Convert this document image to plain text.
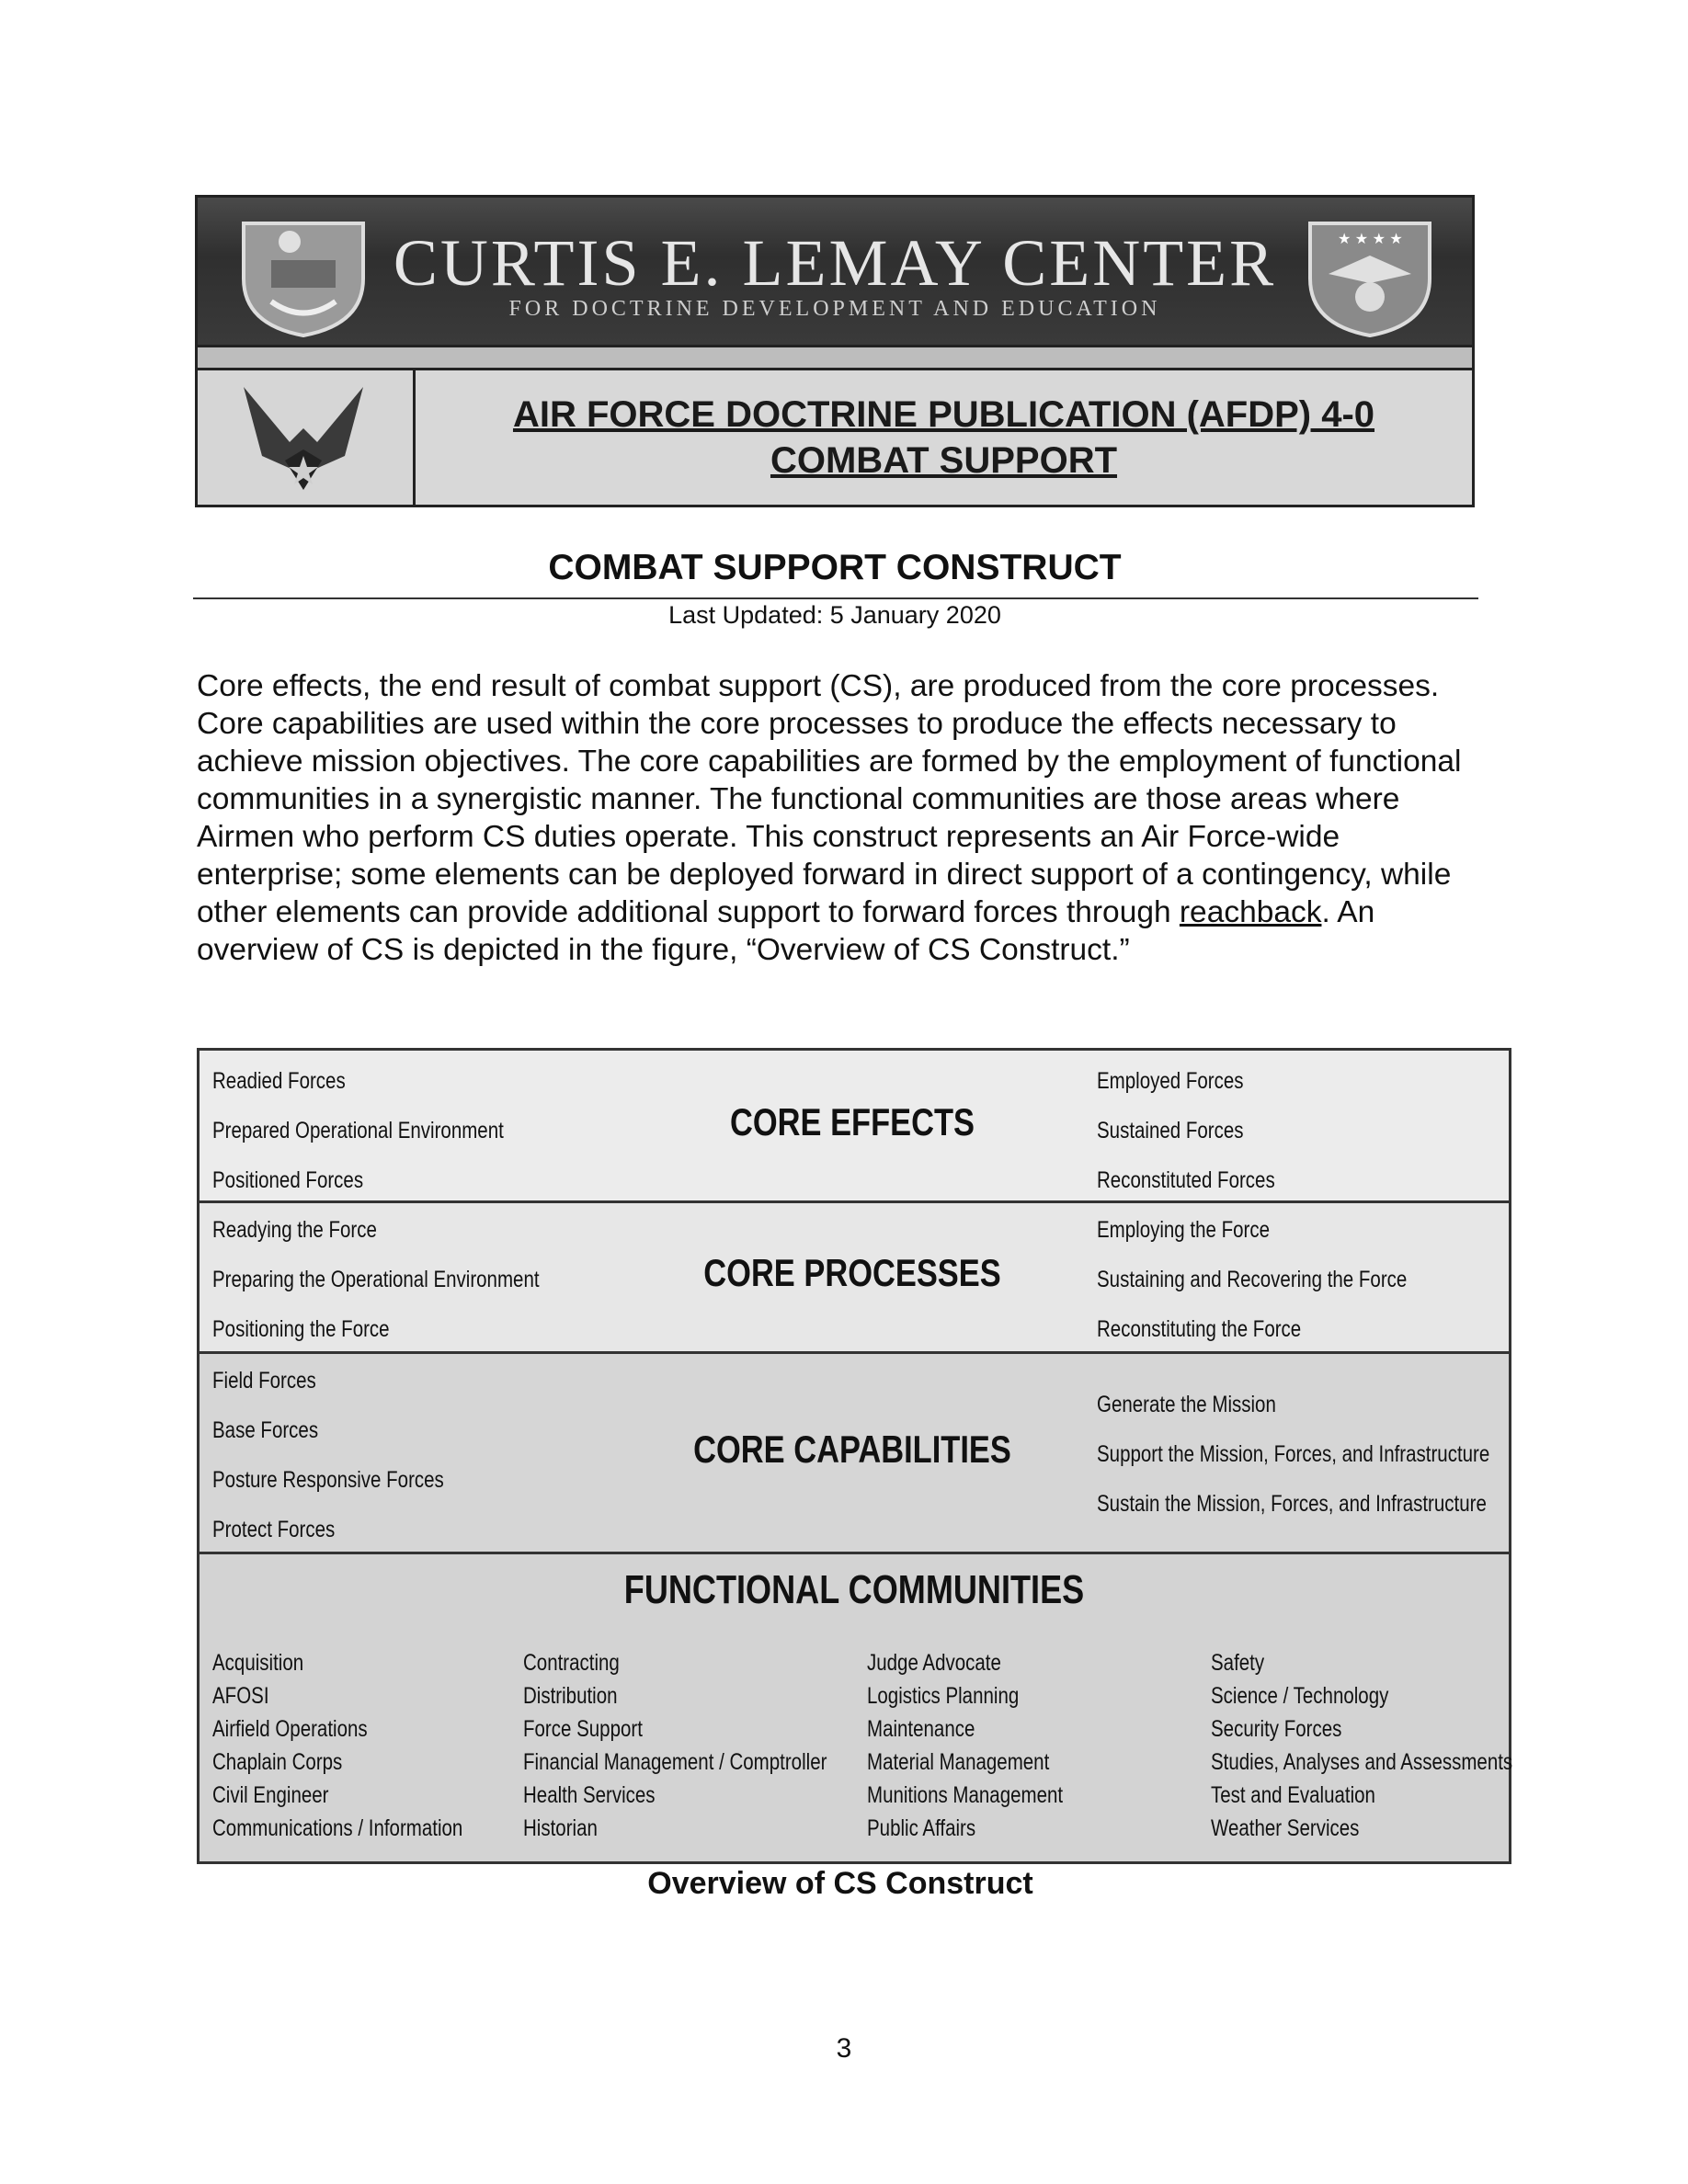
CURTIS E. LEMAY CENTER
FOR DOCTRINE DEVELOPMENT AND EDUCATION
★ ★ ★ ★
AIR FORCE DOCTRINE PUBLICATION (AFDP) 4-0
COMBAT SUPPORT
COMBAT SUPPORT CONSTRUCT
Last Updated: 5 January 2020
Core effects, the end result of combat support (CS), are produced from the core processes. Core capabilities are used within the core processes to produce the effects necessary to achieve mission objectives. The core capabilities are formed by the employment of functional communities in a synergistic manner. The functional communities are those areas where Airmen who perform CS duties operate. This construct represents an Air Force-wide enterprise; some elements can be deployed forward in direct support of a contingency, while other elements can provide additional support to forward forces through reachback. An overview of CS is depicted in the figure, “Overview of CS Construct.”
Readied Forces
Prepared Operational Environment
Positioned Forces
CORE EFFECTS
Employed Forces
Sustained Forces
Reconstituted Forces
Readying the Force
Preparing the Operational Environment
Positioning the Force
CORE PROCESSES
Employing the Force
Sustaining and Recovering the Force
Reconstituting the Force
Field Forces
Base Forces
Posture Responsive Forces
Protect Forces
CORE CAPABILITIES
Generate the Mission
Support the Mission, Forces, and Infrastructure
Sustain the Mission, Forces, and Infrastructure
FUNCTIONAL COMMUNITIES
Acquisition
AFOSI
Airfield Operations
Chaplain Corps
Civil Engineer
Communications / Information
Contracting
Distribution
Force Support
Financial Management / Comptroller
Health Services
Historian
Judge Advocate
Logistics Planning
Maintenance
Material Management
Munitions Management
Public Affairs
Safety
Science / Technology
Security Forces
Studies, Analyses and Assessments
Test and Evaluation
Weather Services
Overview of CS Construct
3
